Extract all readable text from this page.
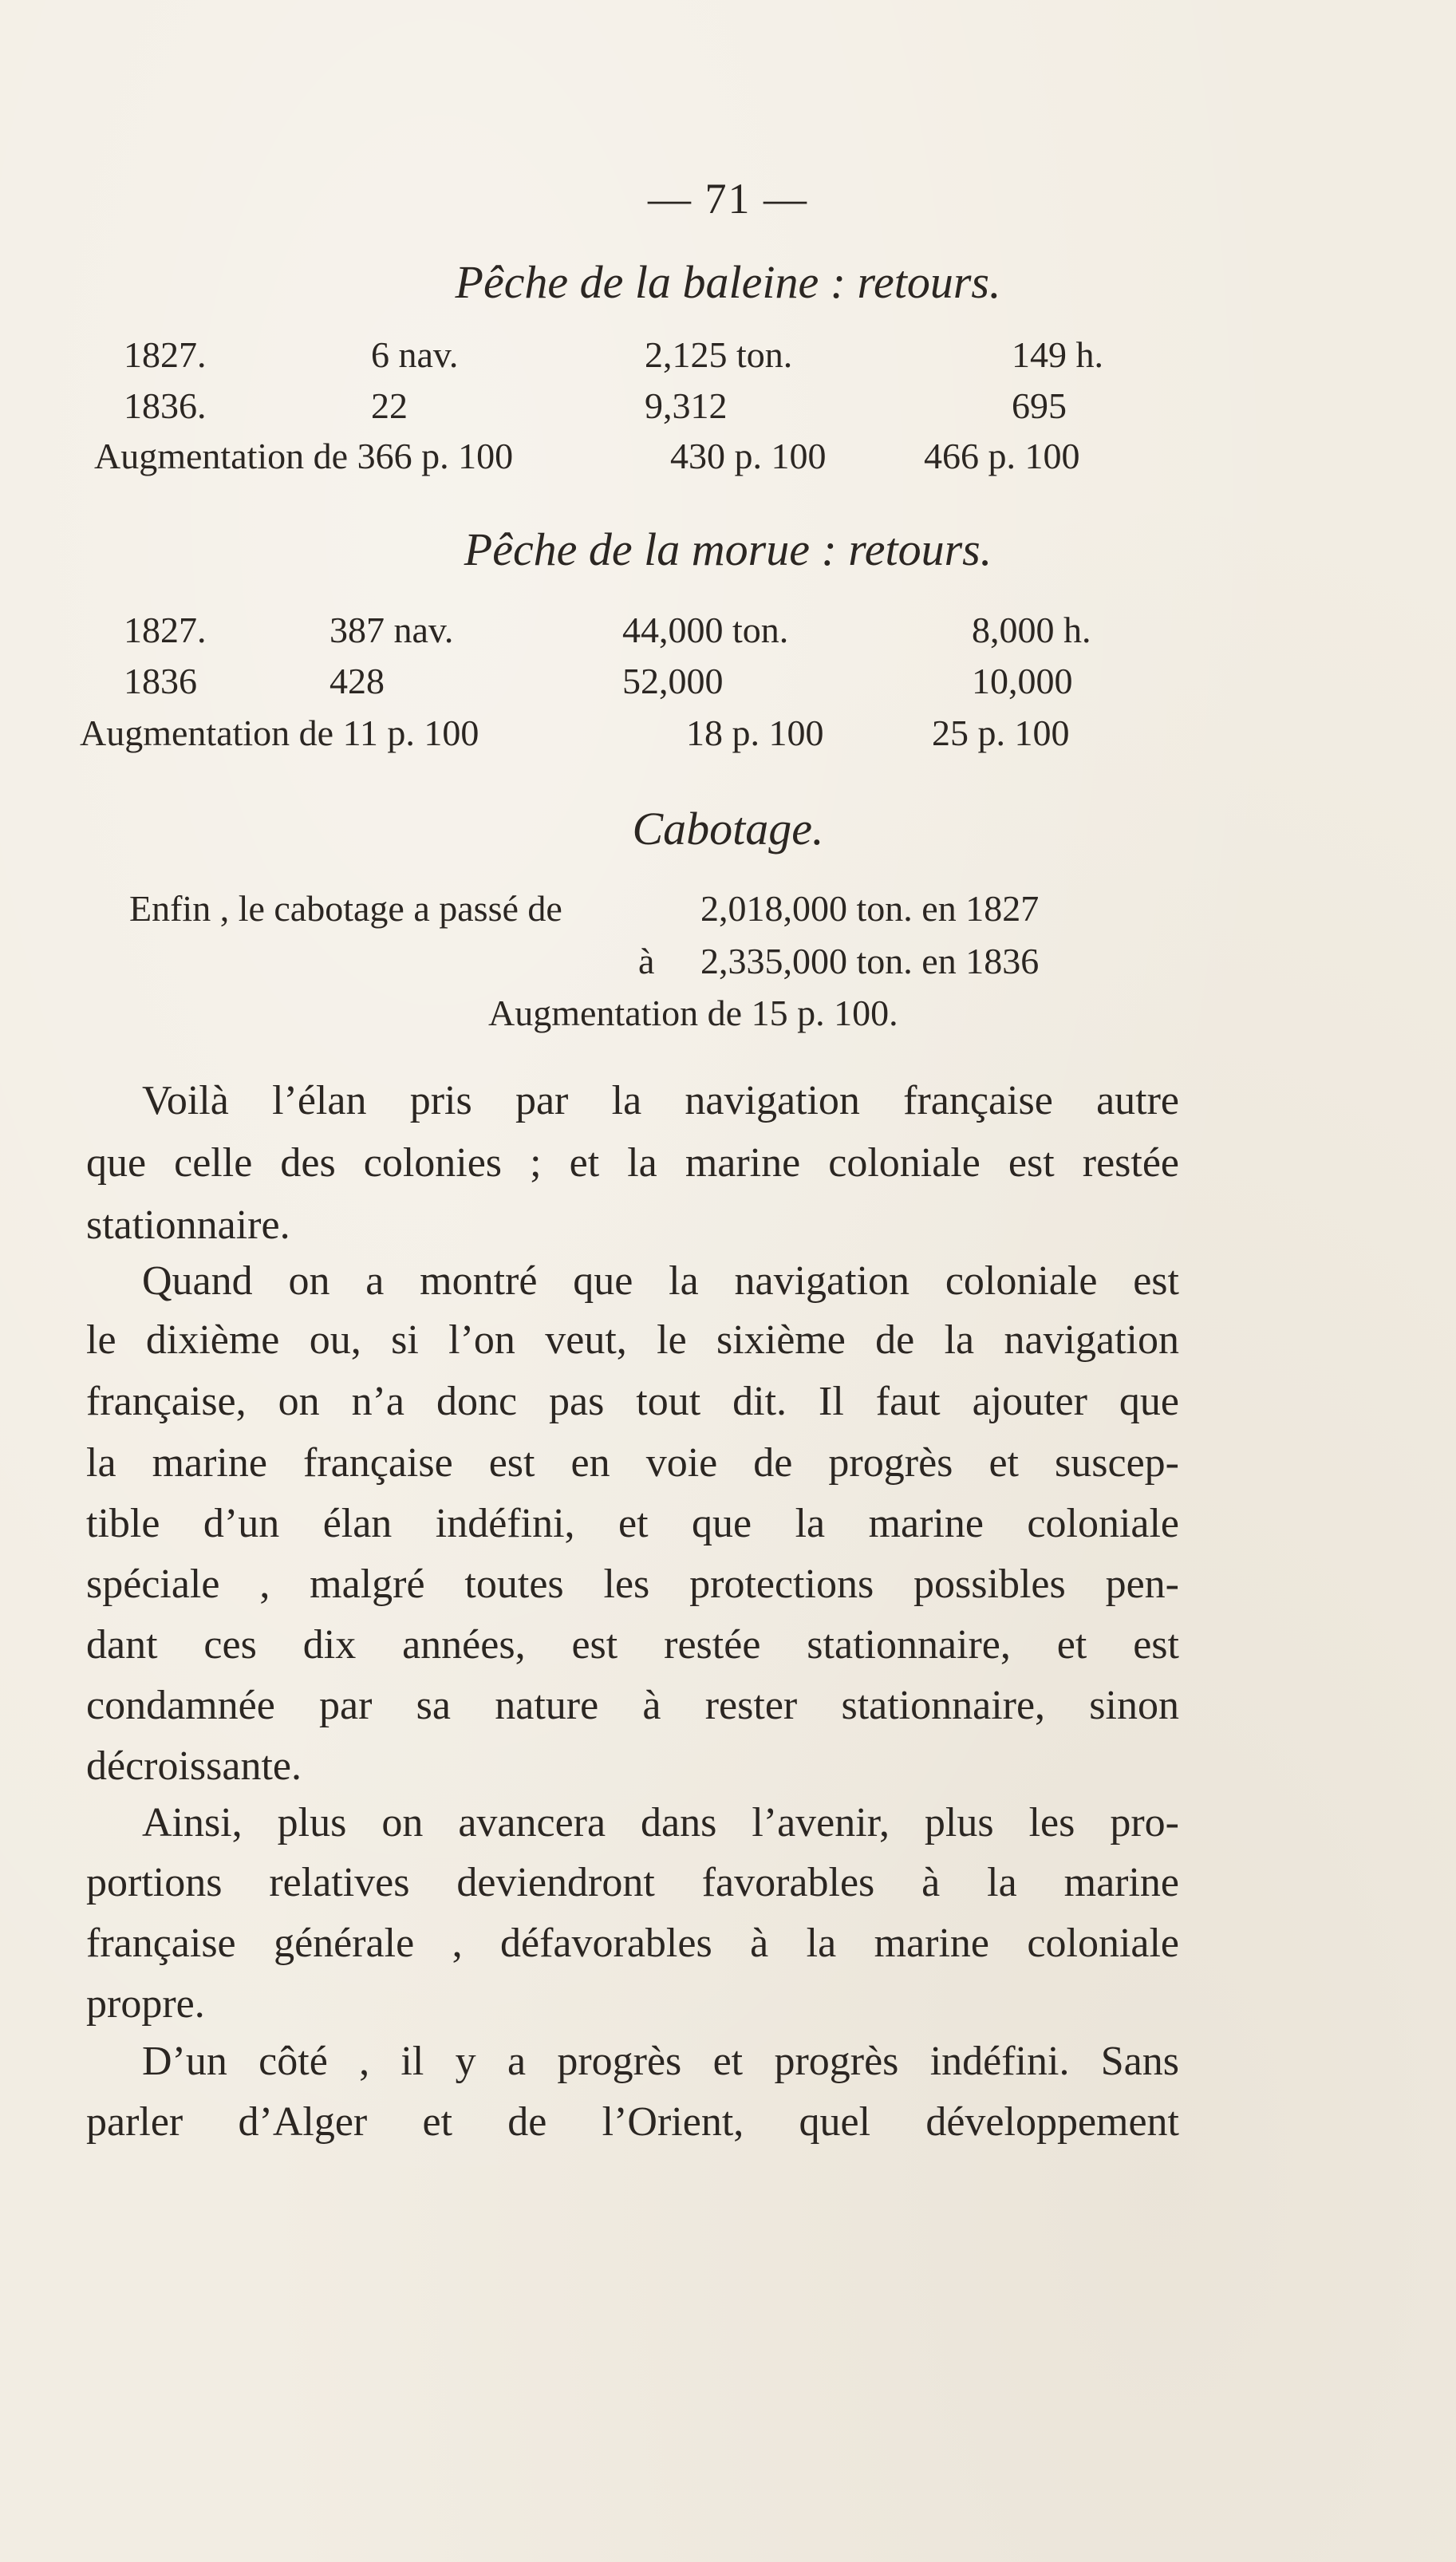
— 71 —
Pêche de la baleine : retours.
1827.	6 nav.	2,125 ton.	149 h.
1836.	22	9,312	695
Augmentation de 366 p. 100	430 p. 100	466 p. 100
Pêche de la morue : retours.
1827.	387 nav.	44,000 ton.	8,000 h.
1836	428	52,000	10,000
Augmentation de 11 p. 100	18 p. 100	25 p. 100
Cabotage.
Enfin , le cabotage a passé de	2,018,000 ton. en 1827
à 2,335,000 ton. en 1836
Augmentation de 15 p. 100.
Voilà l’élan pris par la navigation française autre
que celle des colonies ; et la marine coloniale est restée
stationnaire.
Quand on a montré que la navigation coloniale est
le dixième ou, si l’on veut, le sixième de la navigation
française, on n’a donc pas tout dit. Il faut ajouter que
la marine française est en voie de progrès et suscep-
tible d’un élan indéfini, et que la marine coloniale
spéciale , malgré toutes les protections possibles pen-
dant ces dix années, est restée stationnaire, et est
condamnée par sa nature à rester stationnaire, sinon
décroissante.
Ainsi, plus on avancera dans l’avenir, plus les pro-
portions relatives deviendront favorables à la marine
française générale , défavorables à la marine coloniale
propre.
D’un côté , il y a progrès et progrès indéfini. Sans
parler d’Alger et de l’Orient, quel développement
